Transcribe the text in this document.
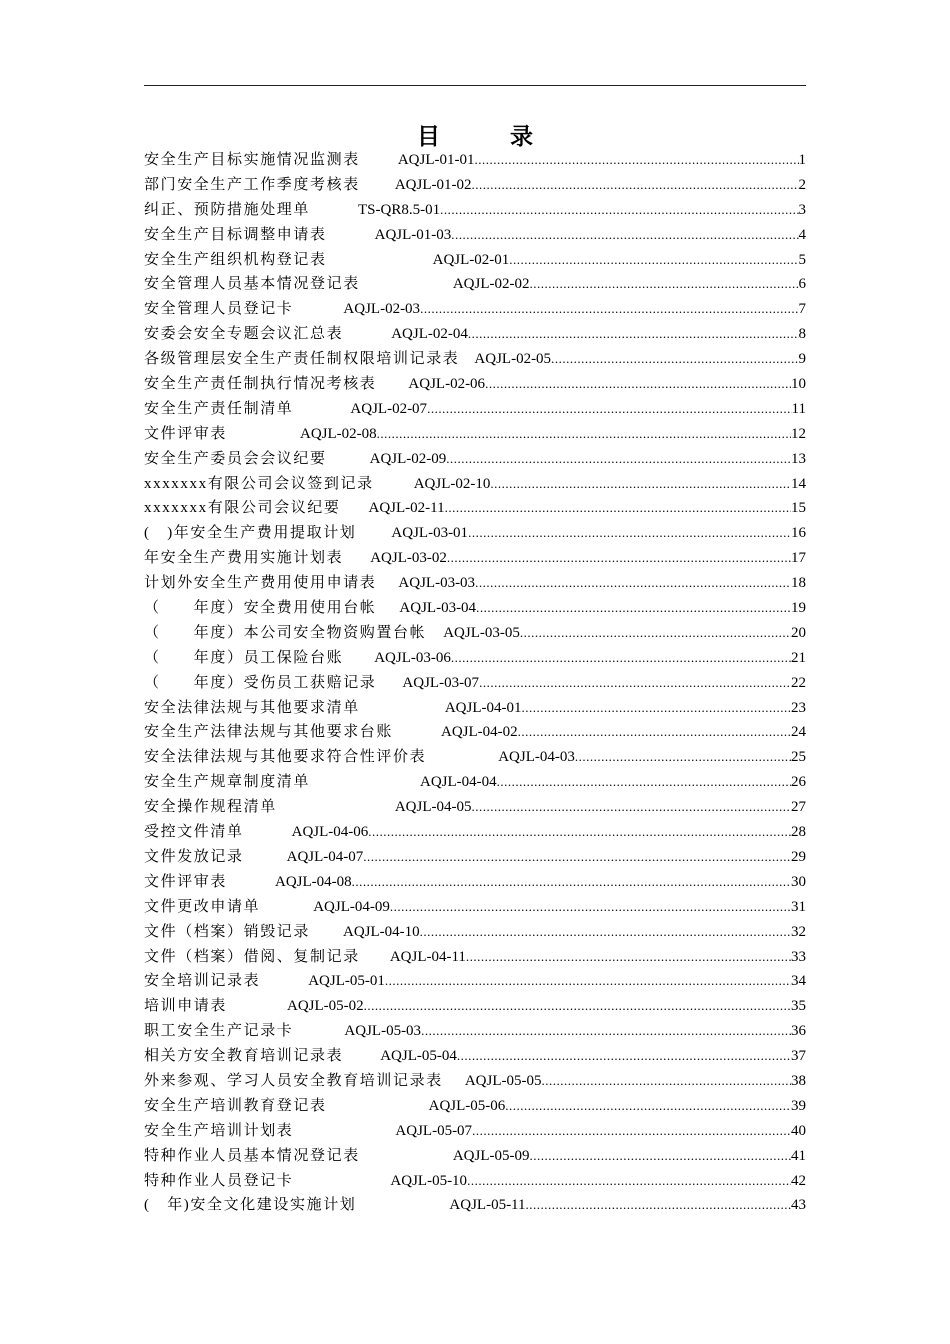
目	录
安全生产目标实施情况监测表	AQJL-01-01 .....	1
部门安全生产工作季度考核表 AQJL-01-02 .....	2
纠正、预防措施处理单	TS-QR8.5-01 .....	3
安全生产目标调整申请表	AQJL-01-03 .....	4
安全生产组织机构登记表	AQJL-02-01 .....	5
安全管理人员基本情况登记表	AQJL-02-02 .....	6
安全管理人员登记卡	AQJL-02-03 .....	7
安委会安全专题会议汇总表	AQJL-02-04 .....	8
各级管理层安全生产责任制权限培训记录表 AQJL-02-05 .....	9
安全生产责任制执行情况考核表 AQJL-02-06 .....	10
安全生产责任制清单	AQJL-02-07 .....	11
文件评审表	AQJL-02-08 .....	12
安全生产委员会会议纪要	AQJL-02-09 .....	13
xxxxxxx有限公司会议签到记录	AQJL-02-10 .....	14
xxxxxxx有限公司会议纪要 AQJL-02-11 .....	15
(　)年安全生产费用提取计划 AQJL-03-01 .....	16
年安全生产费用实施计划表 AQJL-03-02 .....	17
计划外安全生产费用使用申请表 AQJL-03-03 .....	18
（　　年度）安全费用使用台帐 AQJL-03-04 .....	19
（　　年度）本公司安全物资购置台帐 AQJL-03-05 .....	20
（　　年度）员工保险台账 AQJL-03-06 .....	21
（　　年度）受伤员工获赔记录 AQJL-03-07 .....	22
安全法律法规与其他要求清单	AQJL-04-01 .....	23
安全生产法律法规与其他要求台账	AQJL-04-02 .....	24
安全法律法规与其他要求符合性评价表	AQJL-04-03 .....	25
安全生产规章制度清单	AQJL-04-04 .....	26
安全操作规程清单	AQJL-04-05 .....	27
受控文件清单	AQJL-04-06 .....	28
文件发放记录	AQJL-04-07 .....	29
文件评审表	AQJL-04-08 .....	30
文件更改申请单	AQJL-04-09 .....	31
文件（档案）销毁记录 AQJL-04-10 .....	32
文件（档案）借阅、复制记录 AQJL-04-11 .....	33
安全培训记录表	AQJL-05-01 .....	34
培训申请表	AQJL-05-02 .....	35
职工安全生产记录卡	AQJL-05-03 .....	36
相关方安全教育培训记录表 AQJL-05-04 .....	37
外来参观、学习人员安全教育培训记录表 AQJL-05-05 .....	38
安全生产培训教育登记表	AQJL-05-06 .....	39
安全生产培训计划表	AQJL-05-07 .....	40
特种作业人员基本情况登记表	AQJL-05-09 .....	41
特种作业人员登记卡	AQJL-05-10 .....	42
(　年)安全文化建设实施计划	AQJL-05-11 .....	43
